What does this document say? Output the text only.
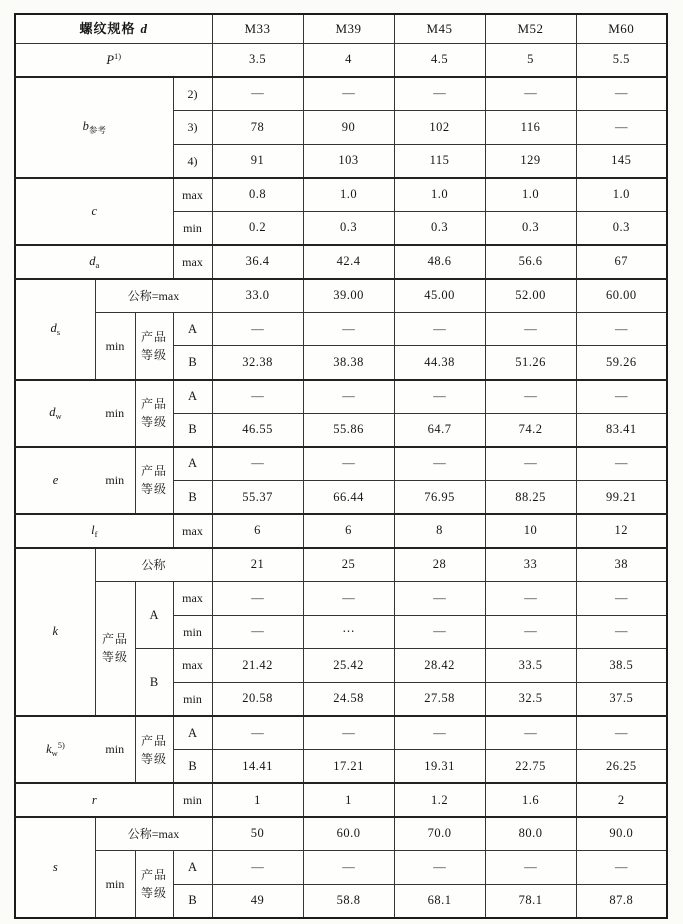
螺纹规格 d				M33	M39	M45	M52	M60
$P^{1)}$				3.5	4	4.5	5	5.5
$b_{参考}$			2)	—	—	—	—	—
			3)	78	90	102	116	—
			4)	91	103	115	129	145
c			max	0.8	1.0	1.0	1.0	1.0
			min	0.2	0.3	0.3	0.3	0.3
$d_a$			max	36.4	42.4	48.6	56.6	67
$d_s$	公称=max			33.0	39.00	45.00	52.00	60.00
	min	产品等级	A	—	—	—	—	—
			B	32.38	38.38	44.38	51.26	59.26
$d_w$	min	产品等级	A	—	—	—	—	—
			B	46.55	55.86	64.7	74.2	83.41
e	min	产品等级	A	—	—	—	—	—
			B	55.37	66.44	76.95	88.25	99.21
$l_f$			max	6	6	8	10	12
k	公称			21	25	28	33	38
	产品等级	A	max	—	—	—	—	—
			min	—	⋯	—	—	—
		B	max	21.42	25.42	28.42	33.5	38.5
			min	20.58	24.58	27.58	32.5	37.5
$k_w^{5)}$	min	产品等级	A	—	—	—	—	—
			B	14.41	17.21	19.31	22.75	26.25
r			min	1	1	1.2	1.6	2
s	公称=max			50	60.0	70.0	80.0	90.0
	min	产品等级	A	—	—	—	—	—
			B	49	58.8	68.1	78.1	87.8
